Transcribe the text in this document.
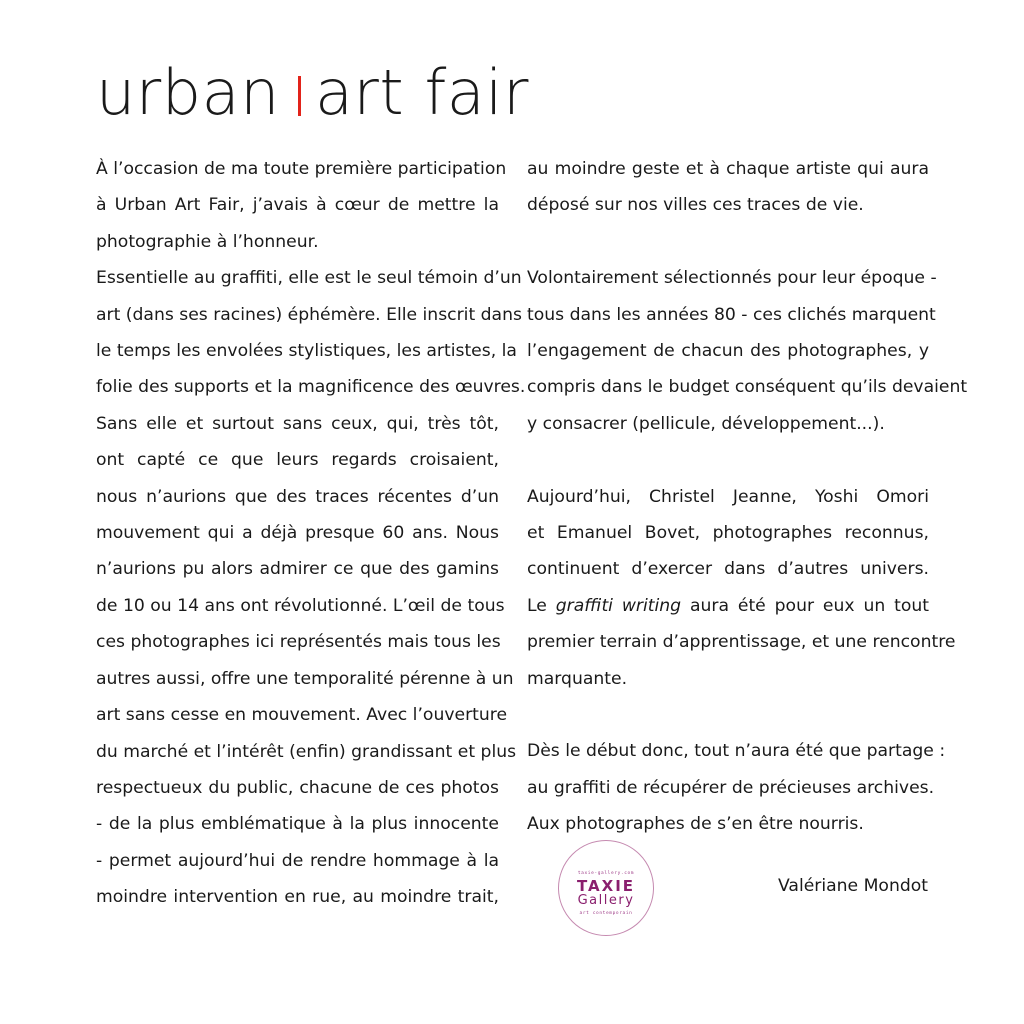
urban art fair
À l’occasion de ma toute première participation
à Urban Art Fair, j’avais à cœur de mettre la
photographie à l’honneur.
Essentielle au graffiti, elle est le seul témoin d’un
art (dans ses racines) éphémère. Elle inscrit dans
le temps les envolées stylistiques, les artistes, la
folie des supports et la magnificence des œuvres.
Sans elle et surtout sans ceux, qui, très tôt,
ont capté ce que leurs regards croisaient,
nous n’aurions que des traces récentes d’un
mouvement qui a déjà presque 60 ans. Nous
n’aurions pu alors admirer ce que des gamins
de 10 ou 14 ans ont révolutionné. L’œil de tous
ces photographes ici représentés mais tous les
autres aussi, offre une temporalité pérenne à un
art sans cesse en mouvement. Avec l’ouverture
du marché et l’intérêt (enfin) grandissant et plus
respectueux du public, chacune de ces photos
- de la plus emblématique à la plus innocente
- permet aujourd’hui de rendre hommage à la
moindre intervention en rue, au moindre trait,
au moindre geste et à chaque artiste qui aura
déposé sur nos villes ces traces de vie.
Volontairement sélectionnés pour leur époque -
tous dans les années 80 - ces clichés marquent
l’engagement de chacun des photographes, y
compris dans le budget conséquent qu’ils devaient
y consacrer (pellicule, développement...).
Aujourd’hui, Christel Jeanne, Yoshi Omori
et Emanuel Bovet, photographes reconnus,
continuent d’exercer dans d’autres univers.
Le graffiti writing aura été pour eux un tout
premier terrain d’apprentissage, et une rencontre
marquante.
Dès le début donc, tout n’aura été que partage :
au graffiti de récupérer de précieuses archives.
Aux photographes de s’en être nourris.
Valériane Mondot
taxie-gallery.com
TAXIE
Gallery
art contemporain
